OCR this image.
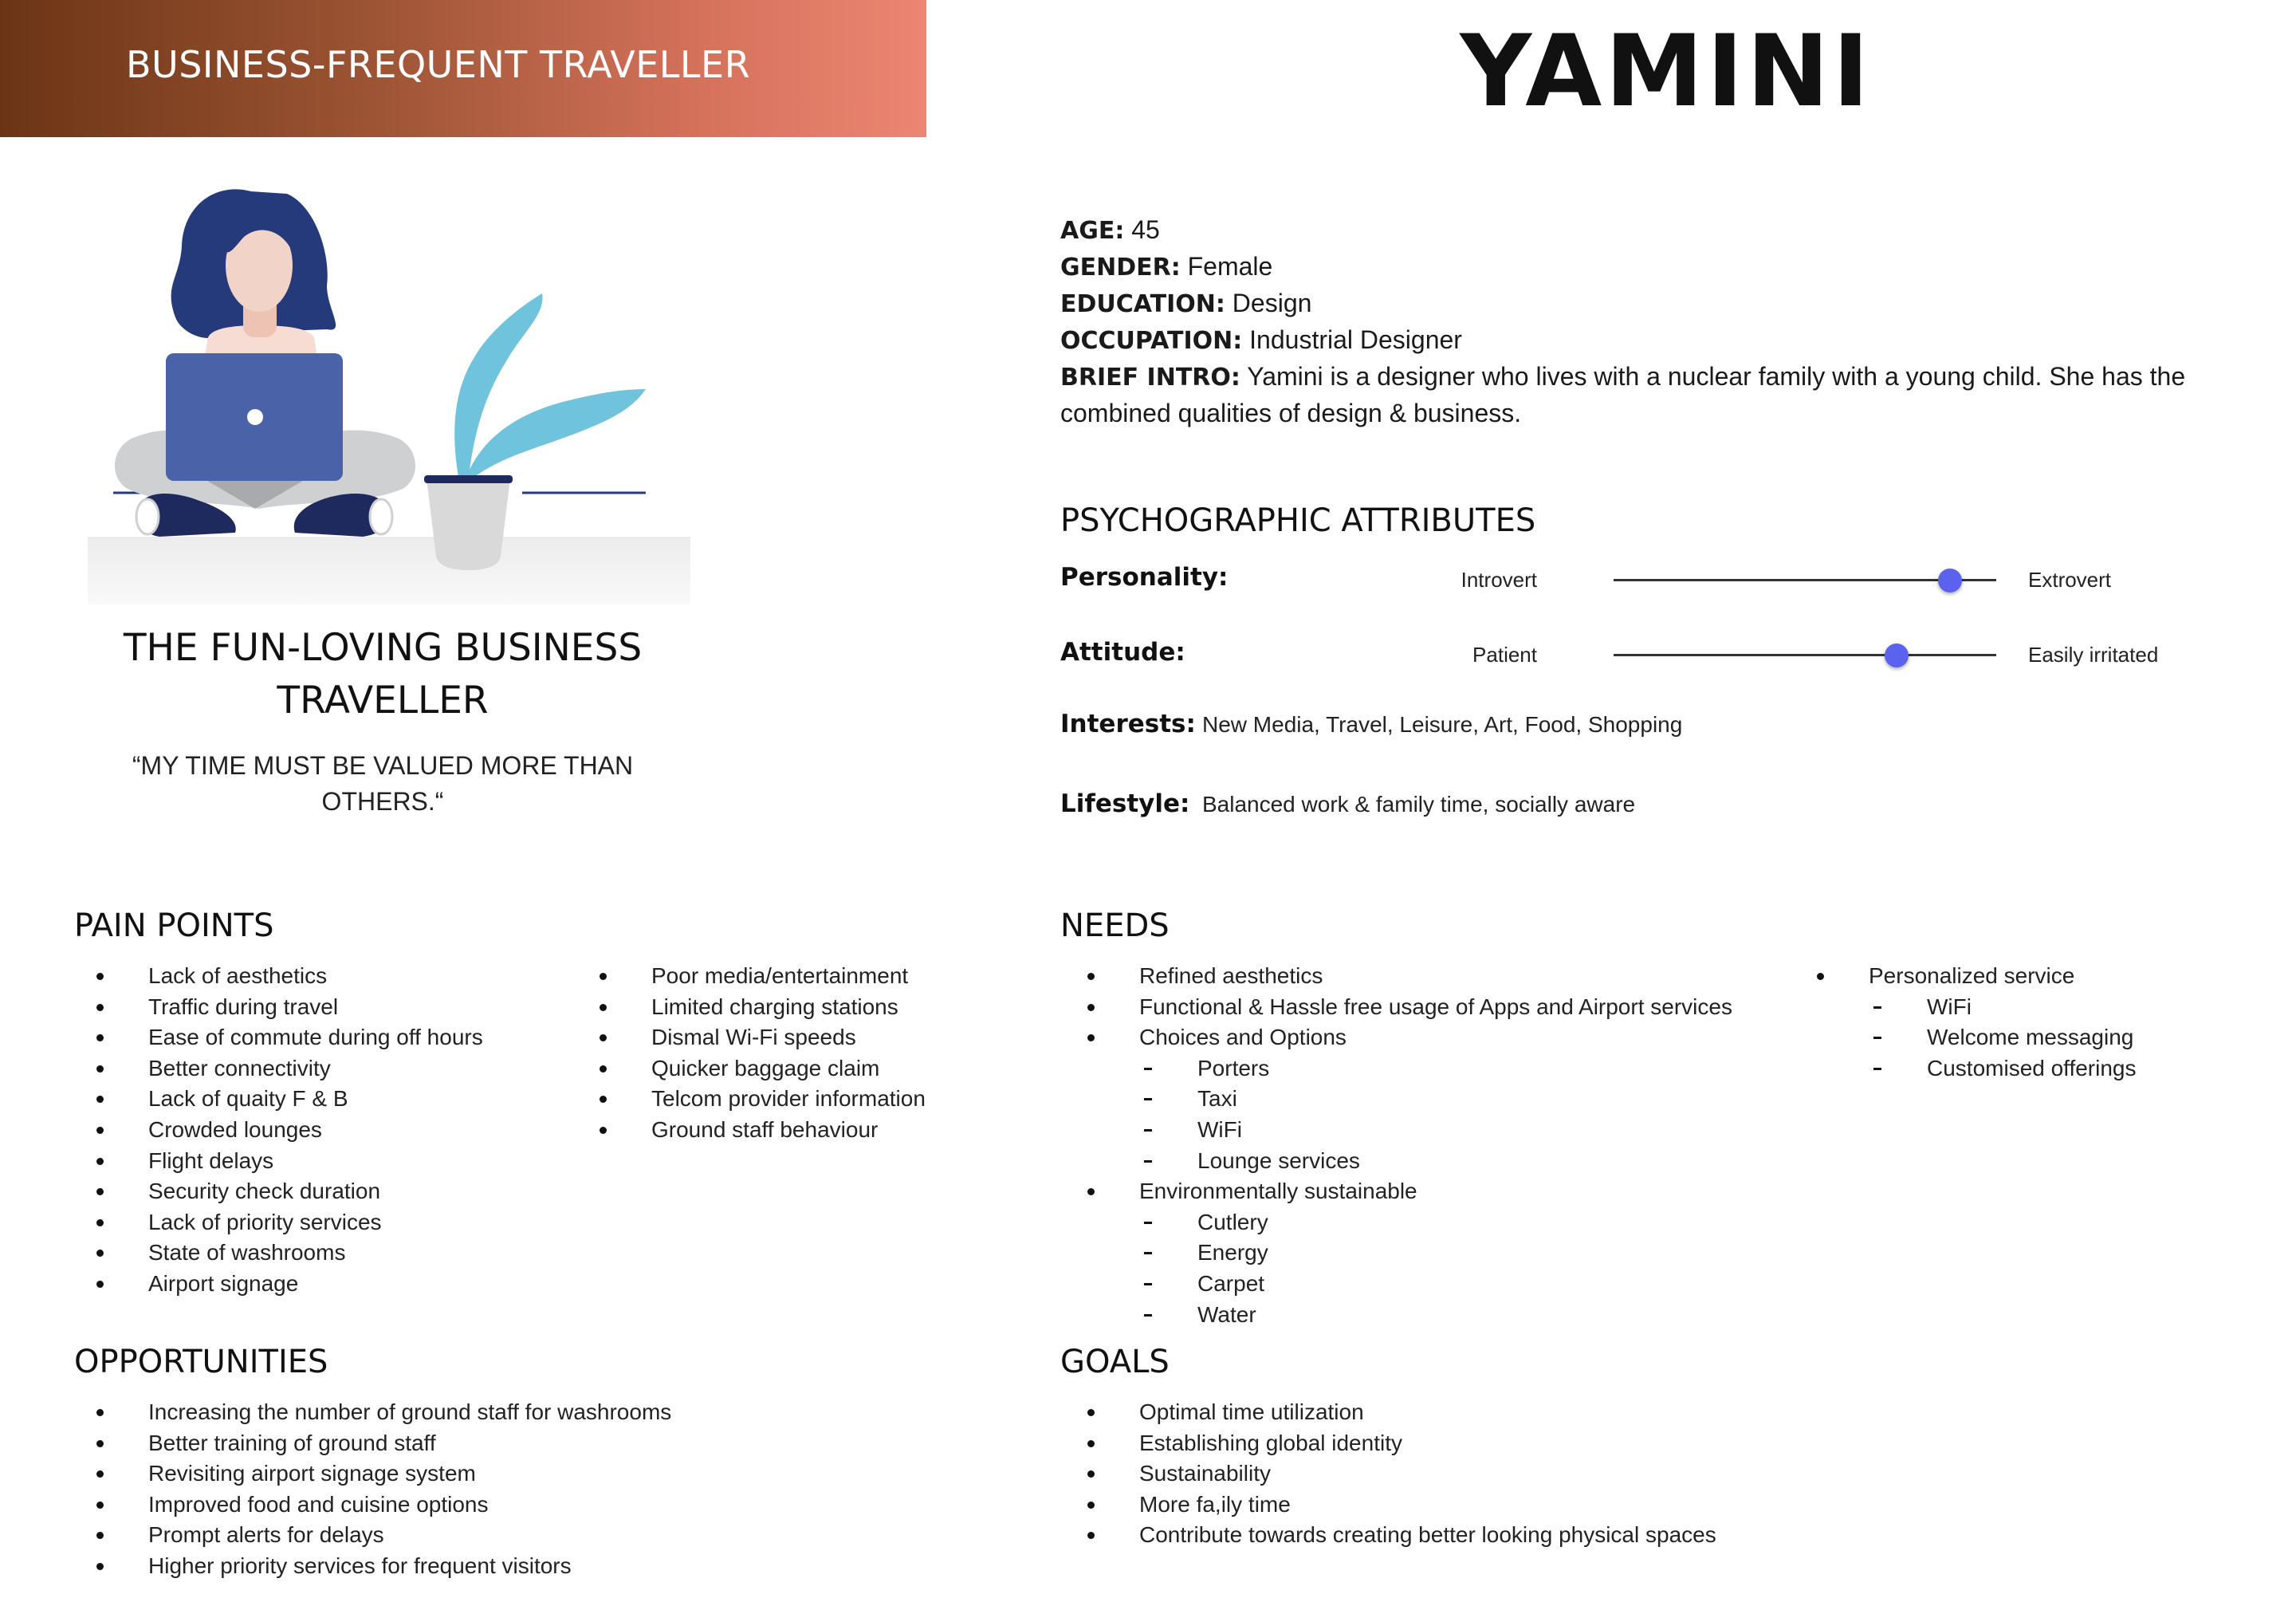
BUSINESS-FREQUENT TRAVELLER	YAMINI
THE FUN-LOVING BUSINESS TRAVELLER
“MY TIME MUST BE VALUED MORE THAN OTHERS.“

AGE: 45

GENDER: Female

EDUCATION: Design

OCCUPATION: Industrial Designer

BRIEF INTRO: Yamini is a designer who lives with a nuclear family with a young child. She has the combined qualities of design & business.

PSYCHOGRAPHIC ATTRIBUTES
Personality:	Introvert	Extrovert
Attitude:	Patient	Easily irritated
Interests: New Media, Travel, Leisure, Art, Food, Shopping
Lifestyle: Balanced work & family time, socially aware
PAIN POINTS
Lack of aesthetics
Traffic during travel
Ease of commute during off hours
Better connectivity
Lack of quaity F & B
Crowded lounges
Flight delays
Security check duration
Lack of priority services
State of washrooms
Airport signage
Poor media/entertainment
Limited charging stations
Dismal Wi-Fi speeds
Quicker baggage claim
Telcom provider information
Ground staff behaviour
OPPORTUNITIES
Increasing the number of ground staff for washrooms
Better training of ground staff
Revisiting airport signage system
Improved food and cuisine options
Prompt alerts for delays
Higher priority services for frequent visitors
NEEDS
Refined aesthetics
Functional & Hassle free usage of Apps and Airport services
Choices and Options
Porters
Taxi
WiFi
Lounge services
Environmentally sustainable
Cutlery
Energy
Carpet
Water
Personalized service
WiFi
Welcome messaging
Customised offerings
GOALS
Optimal time utilization
Establishing global identity
Sustainability
More fa,ily time
Contribute towards creating better looking physical spaces
